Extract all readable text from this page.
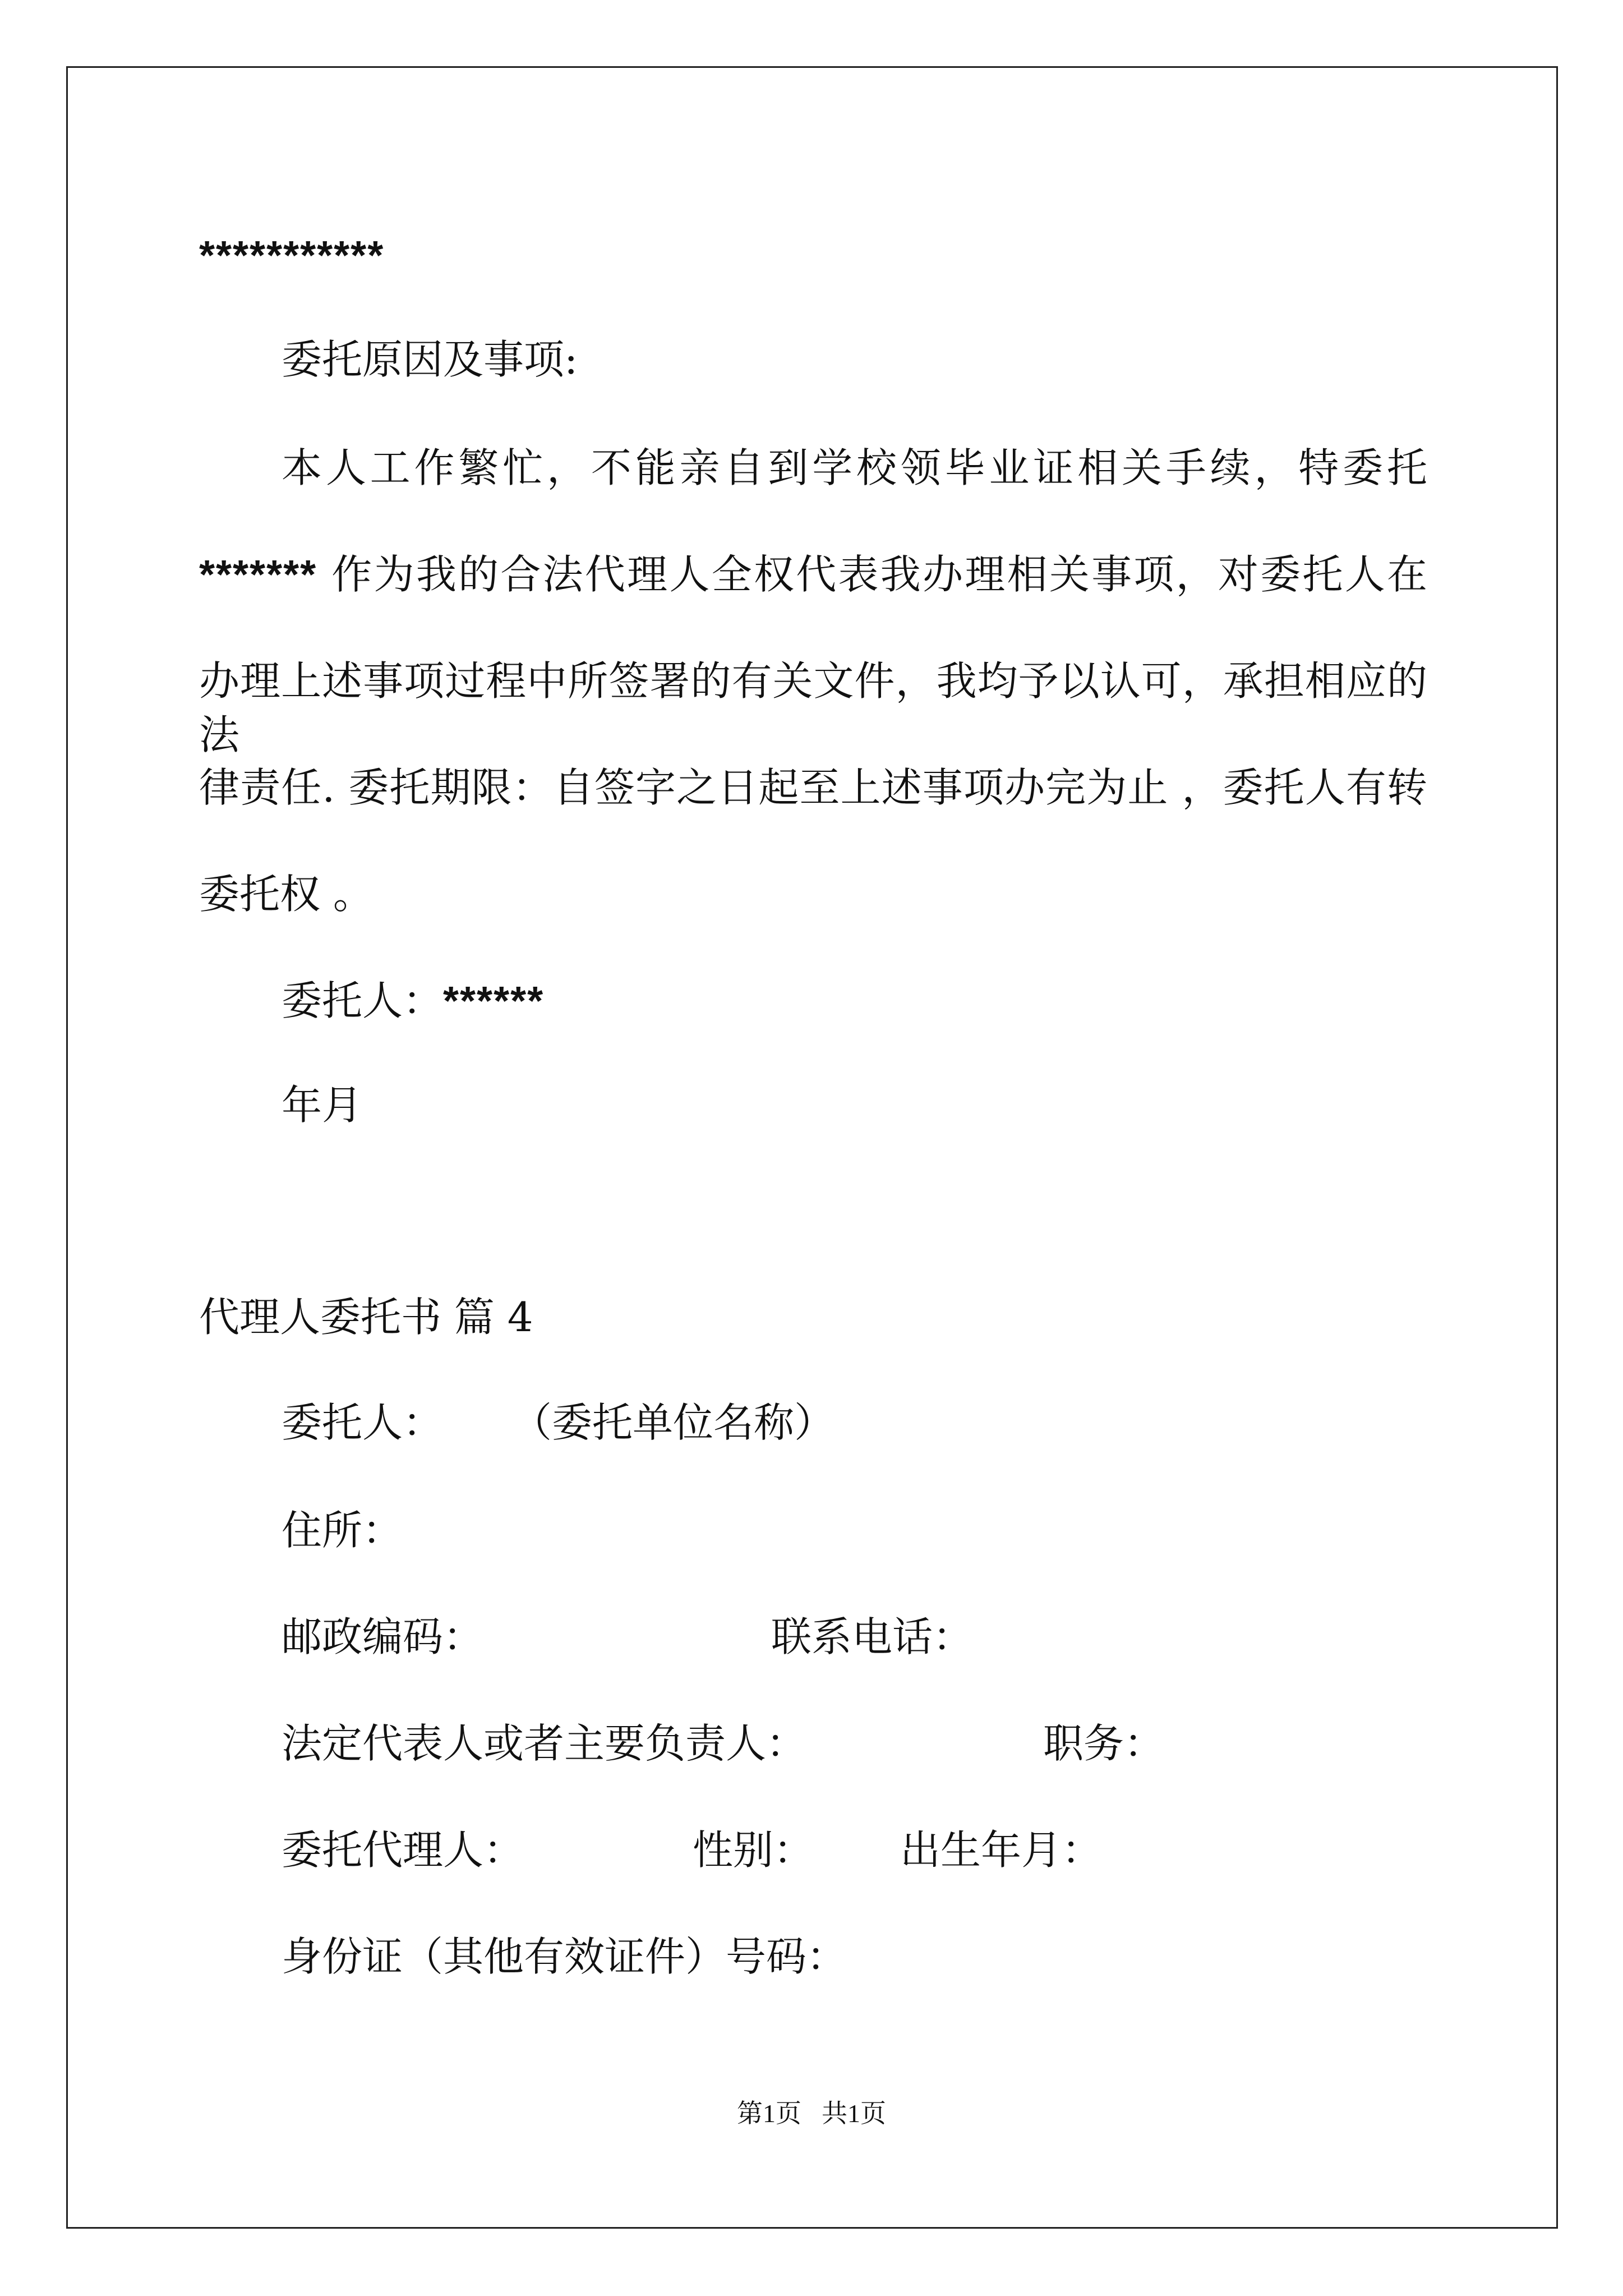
***********
委托原因及事项:
本人工作繁忙，不能亲自到学校领毕业证相关手续，特委托
******* 作为我的合法代理人全权代表我办理相关事项，对委托人在
办理上述事项过程中所签署的有关文件，我均予以认可，承担相应的法
律责任. 委托期限：自签字之日起至上述事项办完为止 ，委托人有转
委托权 。
委托人：******
年月
代理人委托书 篇 4
委托人： （委托单位名称）
住所：
邮政编码：	联系电话：
法定代表人或者主要负责人：	职务：
委托代理人：	性别： 出生年月：
身份证（其他有效证件）号码：
第1页 共1页
